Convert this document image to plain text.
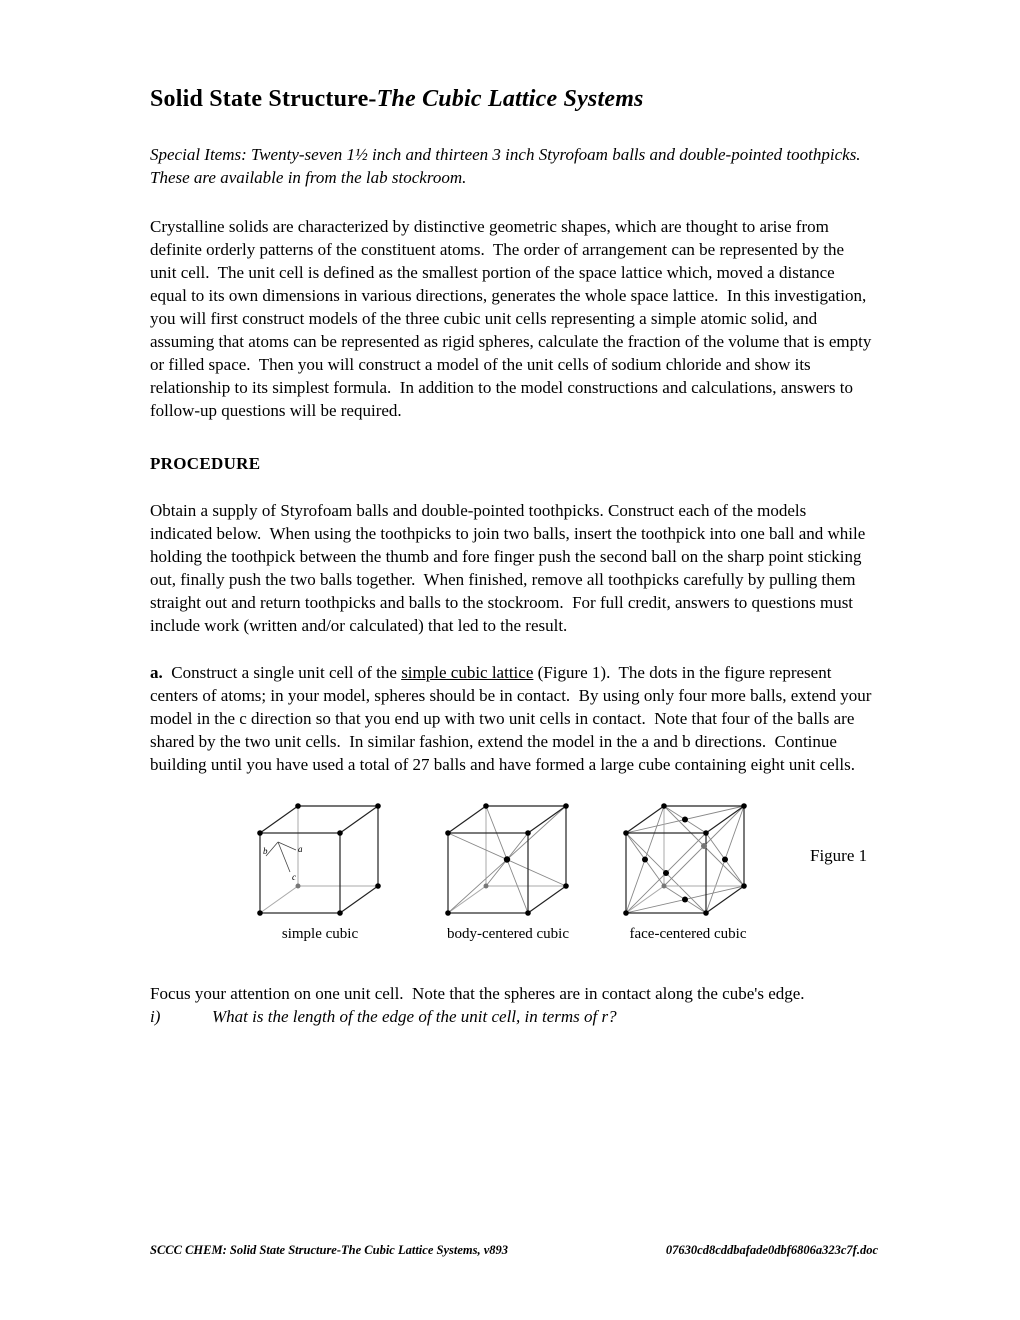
Solid State Structure-The Cubic Lattice Systems

Special Items: Twenty-seven 1½ inch and thirteen 3 inch Styrofoam balls and double-pointed toothpicks.  These are available in from the lab stockroom.

Crystalline solids are characterized by distinctive geometric shapes, which are thought to arise from definite orderly patterns of the constituent atoms.  The order of arrangement can be represented by the unit cell.  The unit cell is defined as the smallest portion of the space lattice which, moved a distance equal to its own dimensions in various directions, generates the whole space lattice.  In this investigation, you will first construct models of the three cubic unit cells representing a simple atomic solid, and assuming that atoms can be represented as rigid spheres, calculate the fraction of the volume that is empty or filled space.  Then you will construct a model of the unit cells of sodium chloride and show its relationship to its simplest formula.  In addition to the model constructions and calculations, answers to follow-up questions will be required.

PROCEDURE

Obtain a supply of Styrofoam balls and double-pointed toothpicks. Construct each of the models indicated below.  When using the toothpicks to join two balls, insert the toothpick into one ball and while holding the toothpick between the thumb and fore finger push the second ball on the sharp point sticking out, finally push the two balls together.  When finished, remove all toothpicks carefully by pulling them straight out and return toothpicks and balls to the stockroom.  For full credit, answers to questions must include work (written and/or calculated) that led to the result.

a.  Construct a single unit cell of the simple cubic lattice (Figure 1).  The dots in the figure represent centers of atoms; in your model, spheres should be in contact.  By using only four more balls, extend your model in the c direction so that you end up with two unit cells in contact.  Note that four of the balls are shared by the two unit cells.  In similar fashion, extend the model in the a and b directions.  Continue building until you have used a total of 27 balls and have formed a large cube containing eight unit cells.

b	a
c
Figure 1
simple cubic	body-centered cubic	face-centered cubic

Focus your attention on one unit cell.  Note that the spheres are in contact along the cube's edge.

i)	What is the length of the edge of the unit cell, in terms of r?

SCCC CHEM: Solid State Structure-The Cubic Lattice Systems, v893	07630cd8cddbafade0dbf6806a323c7f.doc
